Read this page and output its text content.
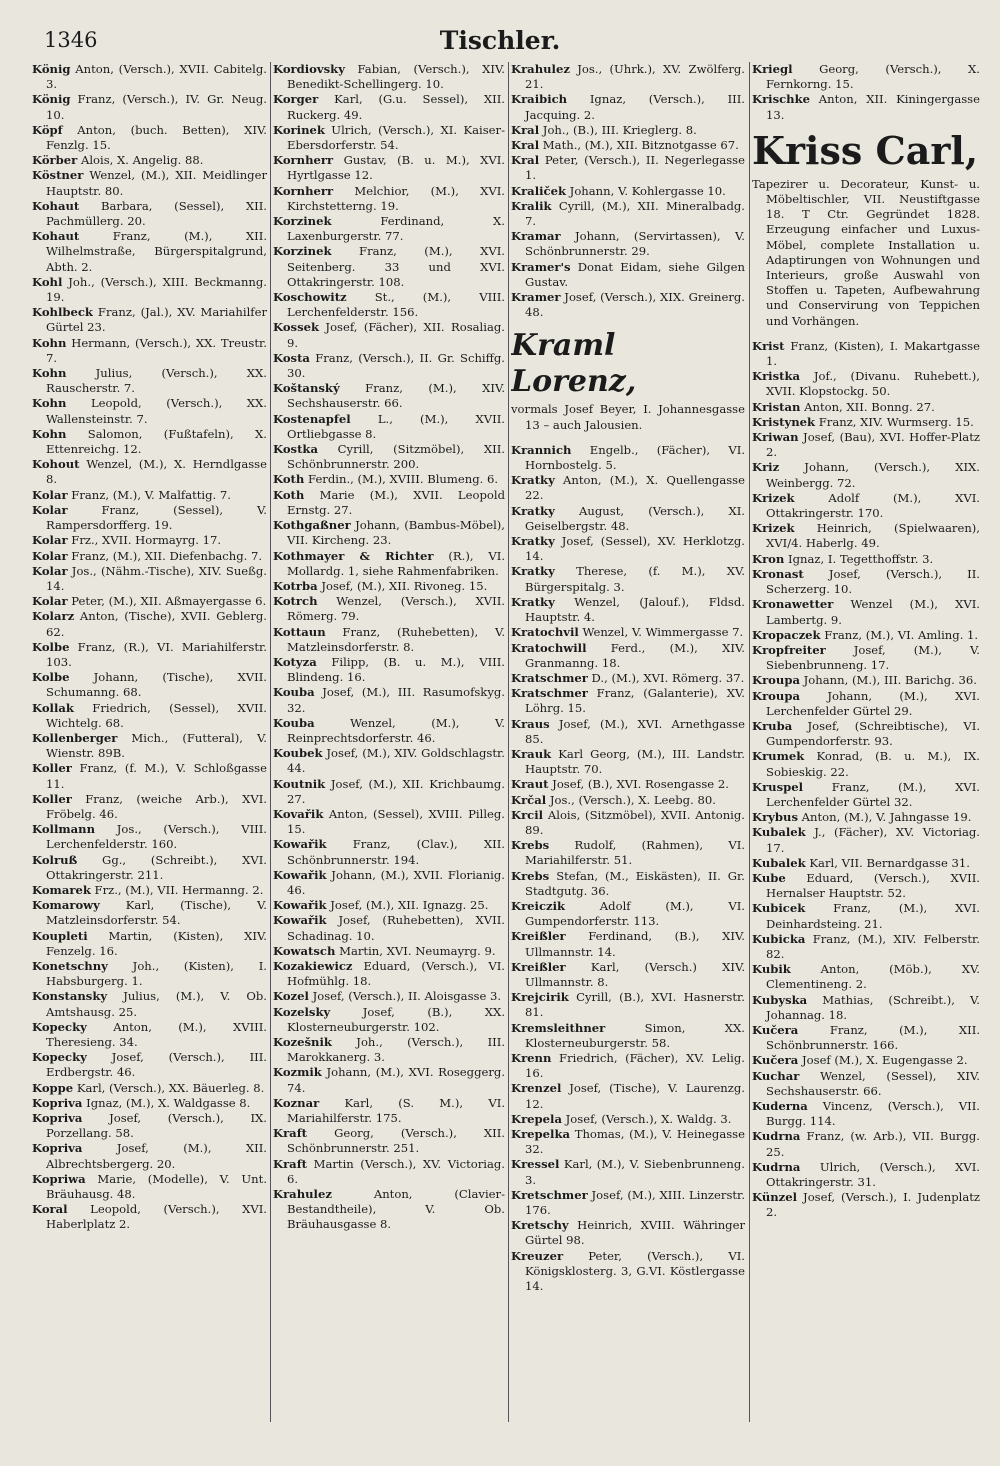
1346	Tischler.
König Anton, (Versch.), XVII. Cabitelg. 3.
König Franz, (Versch.), IV. Gr. Neug. 10.
Köpf Anton, (buch. Betten), XIV. Fenzlg. 15.
Körber Alois, X. Angelig. 88.
Köstner Wenzel, (M.), XII. Meidlinger Hauptstr. 80.
Kohaut Barbara, (Sessel), XII. Pachmüllerg. 20.
Kohaut Franz, (M.), XII. Wilhelmstraße, Bürgerspitalgrund, Abth. 2.
Kohl Joh., (Versch.), XIII. Beckmanng. 19.
Kohlbeck Franz, (Jal.), XV. Mariahilfer Gürtel 23.
Kohn Hermann, (Versch.), XX. Treustr. 7.
Kohn Julius, (Versch.), XX. Rauscherstr. 7.
Kohn Leopold, (Versch.), XX. Wallensteinstr. 7.
Kohn Salomon, (Fußtafeln), X. Ettenreichg. 12.
Kohout Wenzel, (M.), X. Herndlgasse 8.
Kolar Franz, (M.), V. Malfattig. 7.
Kolar Franz, (Sessel), V. Rampersdorfferg. 19.
Kolar Frz., XVII. Hormayrg. 17.
Kolar Franz, (M.), XII. Diefenbachg. 7.
Kolar Jos., (Nähm.-Tische), XIV. Sueßg. 14.
Kolar Peter, (M.), XII. Aßmayergasse 6.
Kolarz Anton, (Tische), XVII. Geblerg. 62.
Kolbe Franz, (R.), VI. Mariahilferstr. 103.
Kolbe Johann, (Tische), XVII. Schumanng. 68.
Kollak Friedrich, (Sessel), XVII. Wichtelg. 68.
Kollenberger Mich., (Futteral), V. Wienstr. 89B.
Koller Franz, (f. M.), V. Schloßgasse 11.
Koller Franz, (weiche Arb.), XVI. Fröbelg. 46.
Kollmann Jos., (Versch.), VIII. Lerchenfelderstr. 160.
Kolruß Gg., (Schreibt.), XVI. Ottakringerstr. 211.
Komarek Frz., (M.), VII. Hermanng. 2.
Komarowy Karl, (Tische), V. Matzleinsdorferstr. 54.
Koupleti Martin, (Kisten), XIV. Fenzelg. 16.
Konetschny Joh., (Kisten), I. Habsburgerg. 1.
Konstansky Julius, (M.), V. Ob. Amtshausg. 25.
Kopecky Anton, (M.), XVIII. Theresieng. 34.
Kopecky Josef, (Versch.), III. Erdbergstr. 46.
Koppe Karl, (Versch.), XX. Bäuerleg. 8.
Kopriva Ignaz, (M.), X. Waldgasse 8.
Kopriva Josef, (Versch.), IX. Porzellang. 58.
Kopriva Josef, (M.), XII. Albrechtsbergerg. 20.
Kopriwa Marie, (Modelle), V. Unt. Bräuhausg. 48.
Koral Leopold, (Versch.), XVI. Haberlplatz 2.
Kordiovsky Fabian, (Versch.), XIV. Benedikt-Schellingerg. 10.
Korger Karl, (G.u. Sessel), XII. Ruckerg. 49.
Korinek Ulrich, (Versch.), XI. Kaiser-Ebersdorferstr. 54.
Kornherr Gustav, (B. u. M.), XVI. Hyrtlgasse 12.
Kornherr Melchior, (M.), XVI. Kirchstetterng. 19.
Korzinek Ferdinand, X. Laxenburgerstr. 77.
Korzinek Franz, (M.), XVI. Seitenberg. 33 und XVI. Ottakringerstr. 108.
Koschowitz St., (M.), VIII. Lerchenfelderstr. 156.
Kossek Josef, (Fächer), XII. Rosaliag. 9.
Kosta Franz, (Versch.), II. Gr. Schiffg. 30.
Koštanský Franz, (M.), XIV. Sechshauserstr. 66.
Kostenapfel L., (M.), XVII. Ortliebgasse 8.
Kostka Cyrill, (Sitzmöbel), XII. Schönbrunnerstr. 200.
Koth Ferdin., (M.), XVIII. Blumeng. 6.
Koth Marie (M.), XVII. Leopold Ernstg. 27.
Kothgaßner Johann, (Bambus-Möbel), VII. Kircheng. 23.
Kothmayer & Richter (R.), VI. Mollardg. 1, siehe Rahmenfabriken.
Kotrba Josef, (M.), XII. Rivoneg. 15.
Kotrch Wenzel, (Versch.), XVII. Römerg. 79.
Kottaun Franz, (Ruhebetten), V. Matzleinsdorferstr. 8.
Kotyza Filipp, (B. u. M.), VIII. Blindeng. 16.
Kouba Josef, (M.), III. Rasumofskyg. 32.
Kouba Wenzel, (M.), V. Reinprechtsdorferstr. 46.
Koubek Josef, (M.), XIV. Goldschlagstr. 44.
Koutnik Josef, (M.), XII. Krichbaumg. 27.
Kovařik Anton, (Sessel), XVIII. Pilleg. 15.
Kowařik Franz, (Clav.), XII. Schönbrunnerstr. 194.
Kowařik Johann, (M.), XVII. Florianig. 46.
Kowařik Josef, (M.), XII. Ignazg. 25.
Kowařik Josef, (Ruhebetten), XVII. Schadinag. 10.
Kowatsch Martin, XVI. Neumayrg. 9.
Kozakiewicz Eduard, (Versch.), VI. Hofmühlg. 18.
Kozel Josef, (Versch.), II. Aloisgasse 3.
Kozelsky Josef, (B.), XX. Klosterneuburgerstr. 102.
Kozešnik Joh., (Versch.), III. Marokkanerg. 3.
Kozmik Johann, (M.), XVI. Roseggerg. 74.
Koznar Karl, (S. M.), VI. Mariahilferstr. 175.
Kraft Georg, (Versch.), XII. Schönbrunnerstr. 251.
Kraft Martin (Versch.), XV. Victoriag. 6.
Krahulez Anton, (Clavier-Bestandtheile), V. Ob. Bräuhausgasse 8.
Krahulez Jos., (Uhrk.), XV. Zwölferg. 21.
Kraibich Ignaz, (Versch.), III. Jacquing. 2.
Kral Joh., (B.), III. Krieglerg. 8.
Kral Math., (M.), XII. Bitznotgasse 67.
Kral Peter, (Versch.), II. Negerlegasse 1.
Kraliček Johann, V. Kohlergasse 10.
Kralik Cyrill, (M.), XII. Mineralbadg. 7.
Kramar Johann, (Servirtassen), V. Schönbrunnerstr. 29.
Kramer's Donat Eidam, siehe Gilgen Gustav.
Kramer Josef, (Versch.), XIX. Greinerg. 48.
Kraml Lorenz,
vormals Josef Beyer, I. Johannesgasse 13 – auch Jalousien.
Krannich Engelb., (Fächer), VI. Hornbostelg. 5.
Kratky Anton, (M.), X. Quellengasse 22.
Kratky August, (Versch.), XI. Geiselbergstr. 48.
Kratky Josef, (Sessel), XV. Herklotzg. 14.
Kratky Therese, (f. M.), XV. Bürgerspitalg. 3.
Kratky Wenzel, (Jalouf.), Fldsd. Hauptstr. 4.
Kratochvil Wenzel, V. Wimmergasse 7.
Kratochwill Ferd., (M.), XIV. Granmanng. 18.
Kratschmer D., (M.), XVI. Römerg. 37.
Kratschmer Franz, (Galanterie), XV. Löhrg. 15.
Kraus Josef, (M.), XVI. Arnethgasse 85.
Krauk Karl Georg, (M.), III. Landstr. Hauptstr. 70.
Kraut Josef, (B.), XVI. Rosengasse 2.
Krčal Jos., (Versch.), X. Leebg. 80.
Krcil Alois, (Sitzmöbel), XVII. Antonig. 89.
Krebs Rudolf, (Rahmen), VI. Mariahilferstr. 51.
Krebs Stefan, (M., Eiskästen), II. Gr. Stadtgutg. 36.
Kreiczik Adolf (M.), VI. Gumpendorferstr. 113.
Kreißler Ferdinand, (B.), XIV. Ullmannstr. 14.
Kreißler Karl, (Versch.) XIV. Ullmannstr. 8.
Krejcirik Cyrill, (B.), XVI. Hasnerstr. 81.
Kremsleithner Simon, XX. Klosterneuburgerstr. 58.
Krenn Friedrich, (Fächer), XV. Lelig. 16.
Krenzel Josef, (Tische), V. Laurenzg. 12.
Krepela Josef, (Versch.), X. Waldg. 3.
Krepelka Thomas, (M.), V. Heinegasse 32.
Kressel Karl, (M.), V. Siebenbrunneng. 3.
Kretschmer Josef, (M.), XIII. Linzerstr. 176.
Kretschy Heinrich, XVIII. Währinger Gürtel 98.
Kreuzer Peter, (Versch.), VI. Königsklosterg. 3, G.VI. Köstlergasse 14.
Kriegl Georg, (Versch.), X. Fernkorng. 15.
Krischke Anton, XII. Kiningergasse 13.
Kriss Carl,
Tapezirer u. Decorateur, Kunst- u. Möbeltischler, VII. Neustiftgasse 18. T Ctr. Gegründet 1828. Erzeugung einfacher und Luxus-Möbel, complete Installation u. Adaptirungen von Wohnungen und Interieurs, große Auswahl von Stoffen u. Tapeten, Aufbewahrung und Conservirung von Teppichen und Vorhängen.
Krist Franz, (Kisten), I. Makartgasse 1.
Kristka Jof., (Divanu. Ruhebett.), XVII. Klopstockg. 50.
Kristan Anton, XII. Bonng. 27.
Kristynek Franz, XIV. Wurmserg. 15.
Kriwan Josef, (Bau), XVI. Hoffer-Platz 2.
Kriz Johann, (Versch.), XIX. Weinbergg. 72.
Krizek Adolf (M.), XVI. Ottakringerstr. 170.
Krizek Heinrich, (Spielwaaren), XVI/4. Haberlg. 49.
Kron Ignaz, I. Tegetthoffstr. 3.
Kronast Josef, (Versch.), II. Scherzerg. 10.
Kronawetter Wenzel (M.), XVI. Lambertg. 9.
Kropaczek Franz, (M.), VI. Amling. 1.
Kropfreiter Josef, (M.), V. Siebenbrunneng. 17.
Kroupa Johann, (M.), III. Barichg. 36.
Kroupa Johann, (M.), XVI. Lerchenfelder Gürtel 29.
Kruba Josef, (Schreibtische), VI. Gumpendorferstr. 93.
Krumek Konrad, (B. u. M.), IX. Sobieskig. 22.
Kruspel Franz, (M.), XVI. Lerchenfelder Gürtel 32.
Krybus Anton, (M.), V. Jahngasse 19.
Kubalek J., (Fächer), XV. Victoriag. 17.
Kubalek Karl, VII. Bernardgasse 31.
Kube Eduard, (Versch.), XVII. Hernalser Hauptstr. 52.
Kubicek Franz, (M.), XVI. Deinhardsteing. 21.
Kubicka Franz, (M.), XIV. Felberstr. 82.
Kubik Anton, (Möb.), XV. Clementineng. 2.
Kubyska Mathias, (Schreibt.), V. Johannag. 18.
Kučera Franz, (M.), XII. Schönbrunnerstr. 166.
Kučera Josef (M.), X. Eugengasse 2.
Kuchar Wenzel, (Sessel), XIV. Sechshauserstr. 66.
Kuderna Vincenz, (Versch.), VII. Burgg. 114.
Kudrna Franz, (w. Arb.), VII. Burgg. 25.
Kudrna Ulrich, (Versch.), XVI. Ottakringerstr. 31.
Künzel Josef, (Versch.), I. Judenplatz 2.
